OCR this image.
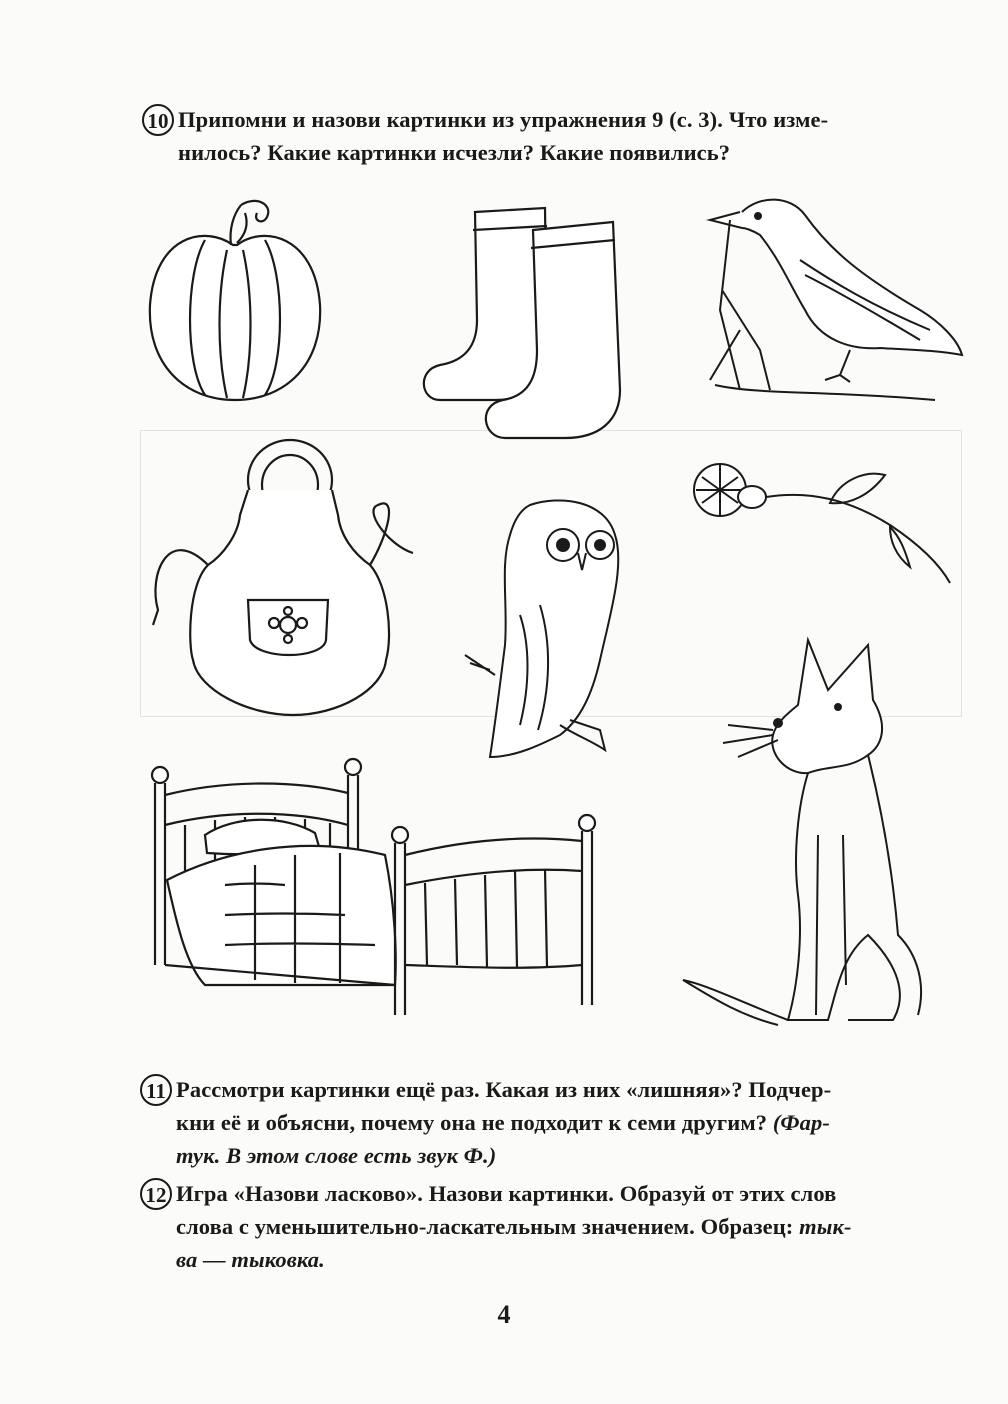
10 Припомни и назови картинки из упражнения 9 (с. 3). Что изме-
нилось? Какие картинки исчезли? Какие появились?
11 Рассмотри картинки ещё раз. Какая из них «лишняя»? Подчер-
кни её и объясни, почему она не подходит к семи другим? (Фар-
тук. В этом слове есть звук Ф.)
12 Игра «Назови ласково». Назови картинки. Образуй от этих слов
слова с уменьшительно-ласкательным значением. Образец: тык-
ва — тыковка.
4
